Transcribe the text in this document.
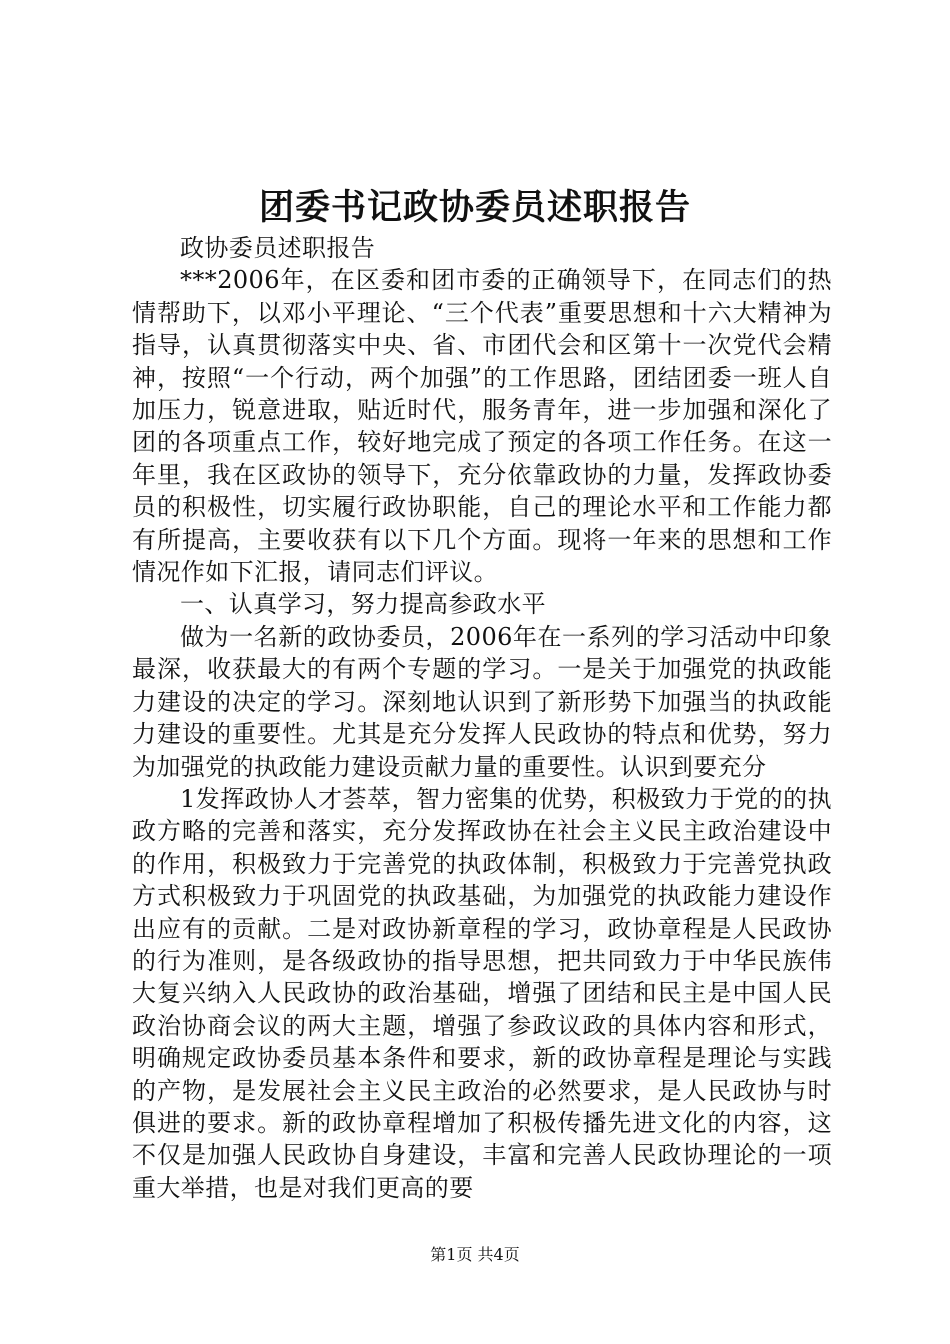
团委书记政协委员述职报告

政协委员述职报告

***2006年，在区委和团市委的正确领导下，在同志们的热情帮助下，以邓小平理论、“三个代表”重要思想和十六大精神为指导，认真贯彻落实中央、省、市团代会和区第十一次党代会精神，按照“一个行动，两个加强”的工作思路，团结团委一班人自加压力，锐意进取，贴近时代，服务青年，进一步加强和深化了团的各项重点工作，较好地完成了预定的各项工作任务。在这一年里，我在区政协的领导下，充分依靠政协的力量，发挥政协委员的积极性，切实履行政协职能，自己的理论水平和工作能力都有所提高，主要收获有以下几个方面。现将一年来的思想和工作情况作如下汇报，请同志们评议。

一、认真学习，努力提高参政水平

做为一名新的政协委员，2006年在一系列的学习活动中印象最深，收获最大的有两个专题的学习。一是关于加强党的执政能力建设的决定的学习。深刻地认识到了新形势下加强当的执政能力建设的重要性。尤其是充分发挥人民政协的特点和优势，努力为加强党的执政能力建设贡献力量的重要性。认识到要充分

1发挥政协人才荟萃，智力密集的优势，积极致力于党的的执政方略的完善和落实，充分发挥政协在社会主义民主政治建设中的作用，积极致力于完善党的执政体制，积极致力于完善党执政方式积极致力于巩固党的执政基础，为加强党的执政能力建设作出应有的贡献。二是对政协新章程的学习，政协章程是人民政协的行为准则，是各级政协的指导思想，把共同致力于中华民族伟大复兴纳入人民政协的政治基础，增强了团结和民主是中国人民政治协商会议的两大主题，增强了参政议政的具体内容和形式，明确规定政协委员基本条件和要求，新的政协章程是理论与实践的产物，是发展社会主义民主政治的必然要求，是人民政协与时俱进的要求。新的政协章程增加了积极传播先进文化的内容，这不仅是加强人民政协自身建设，丰富和完善人民政协理论的一项重大举措，也是对我们更高的要

第1页 共4页
